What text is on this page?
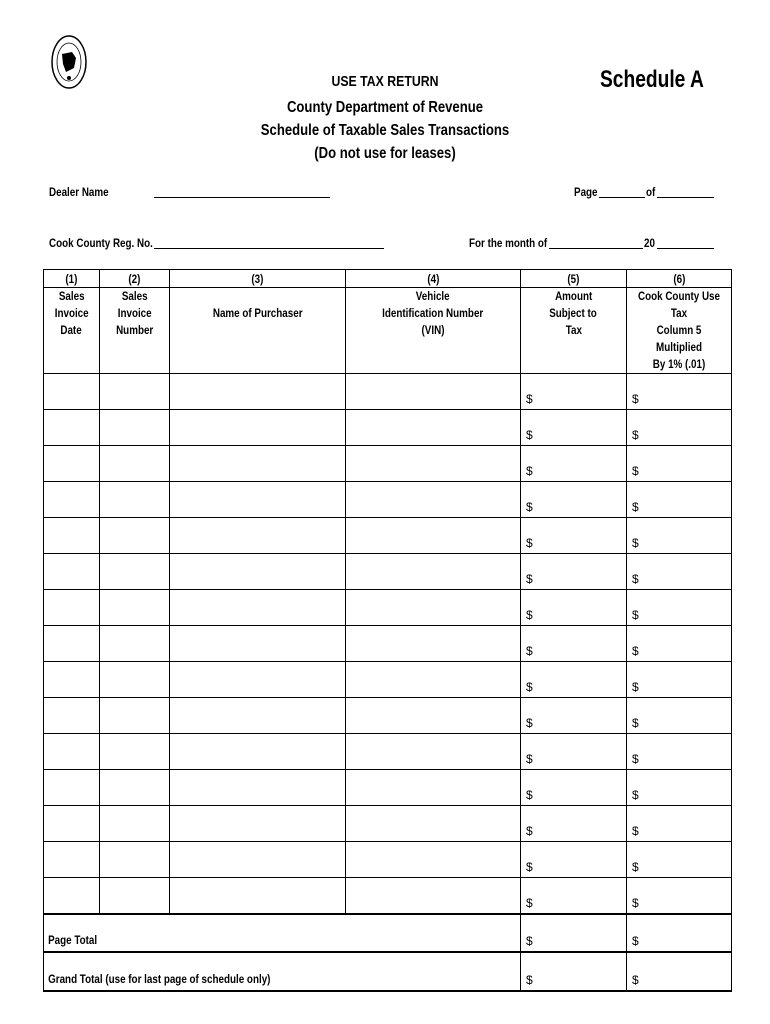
USE TAX RETURN
County Department of Revenue
Schedule of Taxable Sales Transactions
(Do not use for leases)
Schedule A
Dealer Name	Page	of
Cook County Reg. No.	For the month of	20
(1)	(2)	(3)	(4)	(5)	(6)
Sales
Invoice
Date	Sales
Invoice
Number	Name of Purchaser	Vehicle
Identification Number
(VIN)	Amount
Subject to
Tax	Cook County Use Tax
Column 5 Multiplied
By 1% (.01)
				$	$
				$	$
				$	$
				$	$
				$	$
				$	$
				$	$
				$	$
				$	$
				$	$
				$	$
				$	$
				$	$
				$	$
				$	$
Page Total				$	$
Grand Total (use for last page of schedule only)				$	$
